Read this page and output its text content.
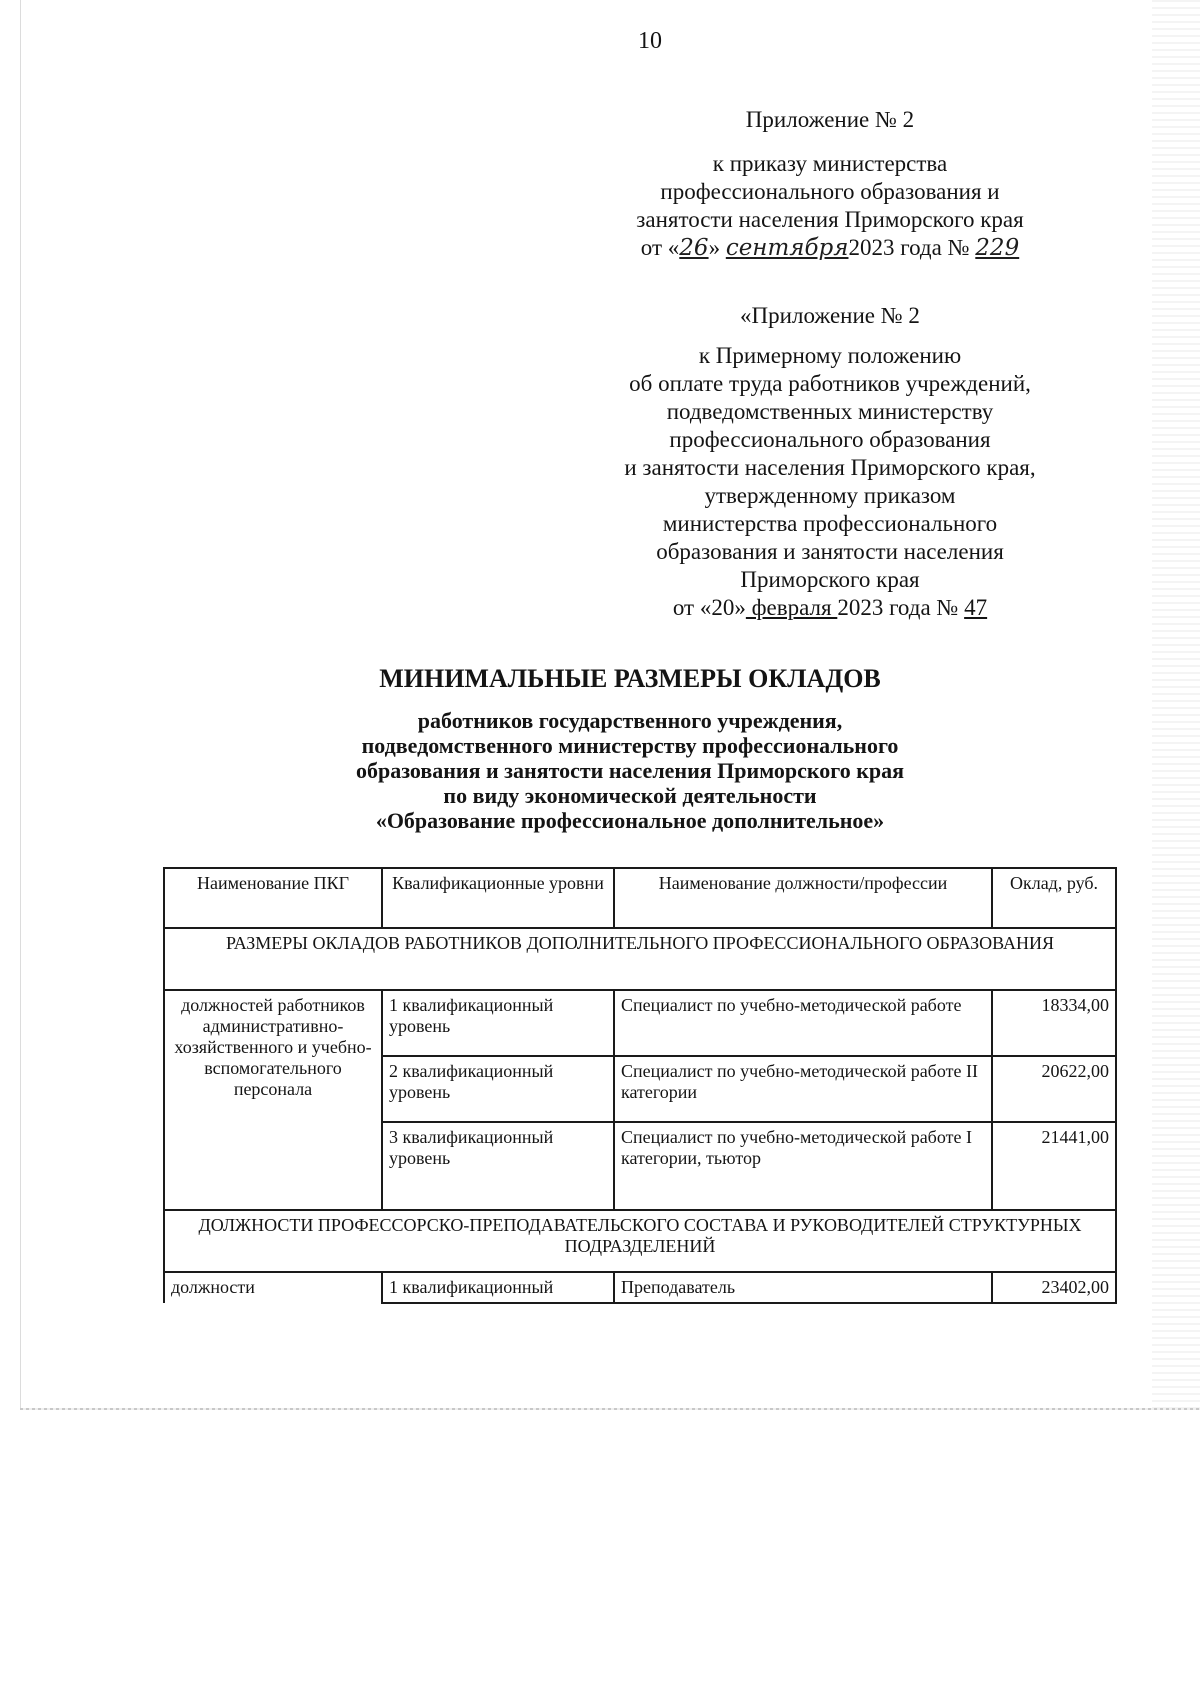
10

Приложение № 2

к приказу министерства

профессионального образования и

занятости населения Приморского края

от «26» сентября2023 года № 229

«Приложение № 2

к Примерному положению

об оплате труда работников учреждений,

подведомственных министерству

профессионального образования

и занятости населения Приморского края,

утвержденному приказом

министерства профессионального

образования и занятости населения

Приморского края

от «20» февраля 2023 года № 47

МИНИМАЛЬНЫЕ РАЗМЕРЫ ОКЛАДОВ

работников государственного учреждения,

подведомственного министерству профессионального

образования и занятости населения Приморского края

по виду экономической деятельности

«Образование профессиональное дополнительное»

Наименование ПКГ	Квалификационные уровни	Наименование должности/профессии	Оклад, руб.
РАЗМЕРЫ ОКЛАДОВ РАБОТНИКОВ ДОПОЛНИТЕЛЬНОГО ПРОФЕССИОНАЛЬНОГО ОБРАЗОВАНИЯ			
должностей работников административно-хозяйственного и учебно-вспомогательного персонала	1 квалификационный уровень	Специалист по учебно-методической работе	18334,00
	2 квалификационный уровень	Специалист по учебно-методической работе II категории	20622,00
	3 квалификационный уровень	Специалист по учебно-методической работе I категории, тьютор	21441,00
ДОЛЖНОСТИ ПРОФЕССОРСКО-ПРЕПОДАВАТЕЛЬСКОГО СОСТАВА И РУКОВОДИТЕЛЕЙ СТРУКТУРНЫХ ПОДРАЗДЕЛЕНИЙ			
должности	1 квалификационный	Преподаватель	23402,00
